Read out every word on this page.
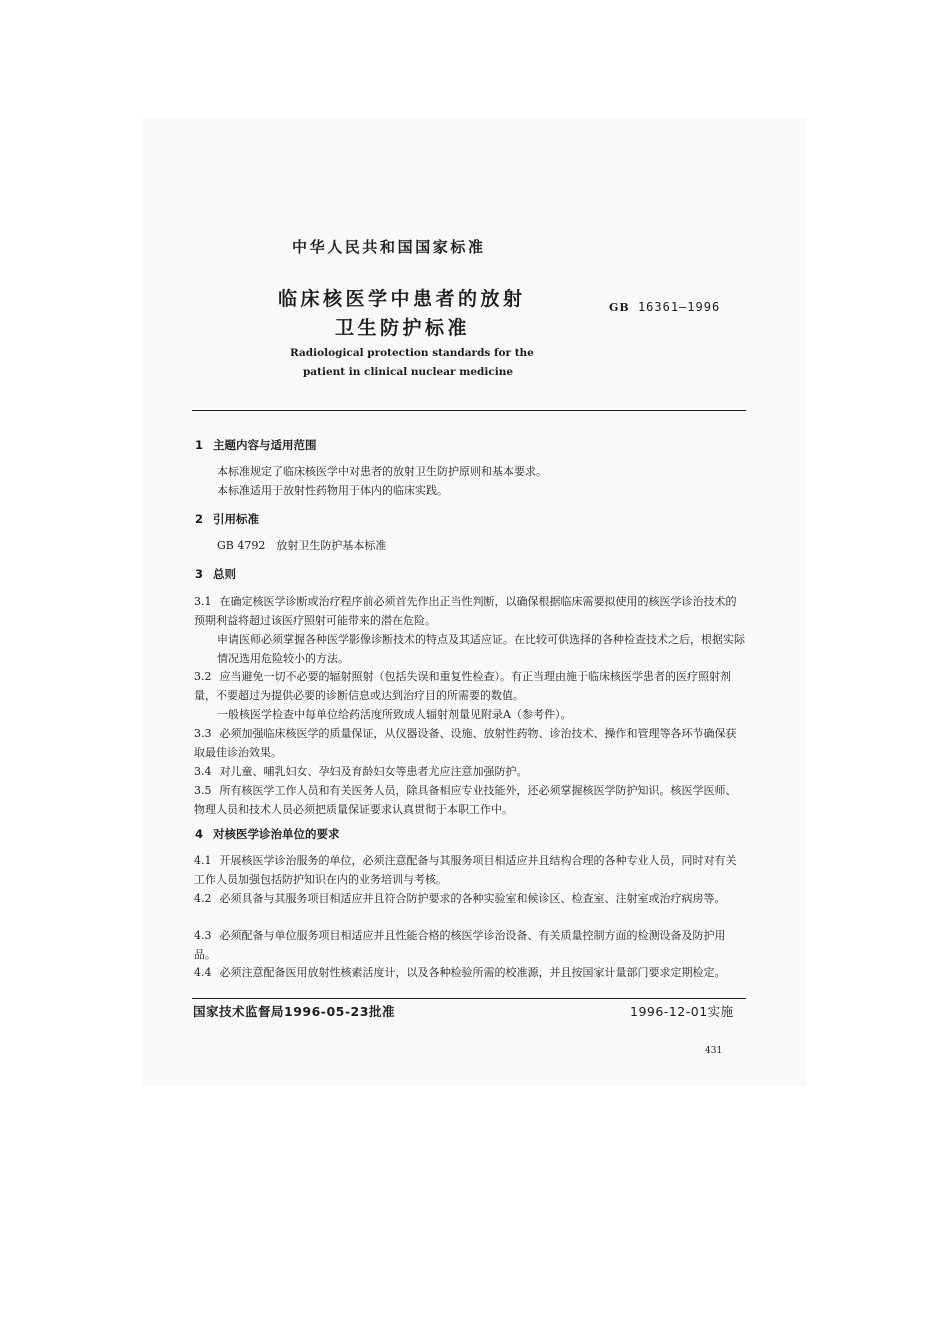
中华人民共和国国家标准
临床核医学中患者的放射
卫生防护标准
GB 16361—1996
Radiological protection standards for the
patient in clinical nuclear medicine
1 主题内容与适用范围
本标准规定了临床核医学中对患者的放射卫生防护原则和基本要求。
本标准适用于放射性药物用于体内的临床实践。
2 引用标准
GB 4792　放射卫生防护基本标准
3 总则
3.1 在确定核医学诊断或治疗程序前必须首先作出正当性判断，以确保根据临床需要拟使用的核医学诊治技术的预期利益将超过该医疗照射可能带来的潜在危险。
申请医师必须掌握各种医学影像诊断技术的特点及其适应证。在比较可供选择的各种检查技术之后，根据实际情况选用危险较小的方法。
3.2 应当避免一切不必要的辐射照射（包括失误和重复性检查）。有正当理由施于临床核医学患者的医疗照射剂量，不要超过为提供必要的诊断信息或达到治疗目的所需要的数值。
一般核医学检查中每单位给药活度所致成人辐射剂量见附录A（参考件）。
3.3 必须加强临床核医学的质量保证，从仪器设备、设施、放射性药物、诊治技术、操作和管理等各环节确保获取最佳诊治效果。
3.4 对儿童、哺乳妇女、孕妇及育龄妇女等患者尤应注意加强防护。
3.5 所有核医学工作人员和有关医务人员，除具备相应专业技能外，还必须掌握核医学防护知识。核医学医师、物理人员和技术人员必须把质量保证要求认真贯彻于本职工作中。
4 对核医学诊治单位的要求
4.1 开展核医学诊治服务的单位，必须注意配备与其服务项目相适应并且结构合理的各种专业人员，同时对有关工作人员加强包括防护知识在内的业务培训与考核。
4.2 必须具备与其服务项目相适应并且符合防护要求的各种实验室和候诊区、检查室、注射室或治疗病房等。
4.3 必须配备与单位服务项目相适应并且性能合格的核医学诊治设备、有关质量控制方面的检测设备及防护用品。
4.4 必须注意配备医用放射性核素活度计，以及各种检验所需的校准源，并且按国家计量部门要求定期检定。
国家技术监督局1996-05-23批准	1996-12-01实施
431
